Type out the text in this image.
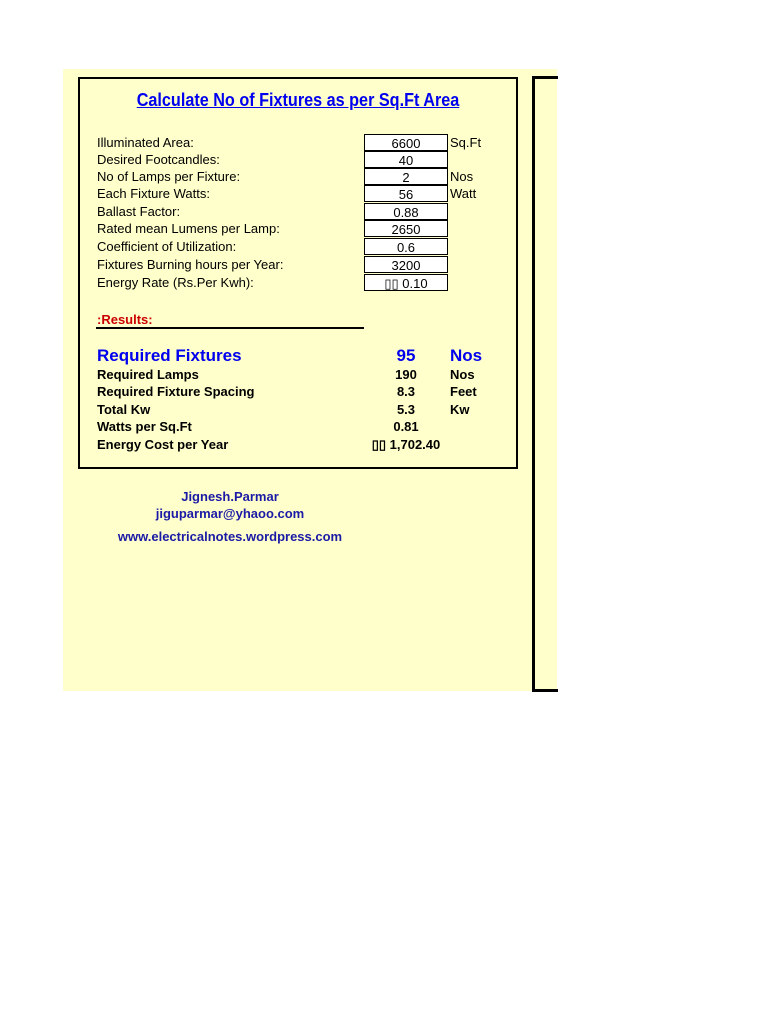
Calculate No of Fixtures as per Sq.Ft Area
Illuminated Area:	6600	Sq.Ft
Desired Footcandles:	40
No of Lamps per Fixture:	2	Nos
Each Fixture Watts:	56	Watt
Ballast Factor:	0.88
Rated mean Lumens per Lamp:	2650
Coefficient of Utilization:	0.6
Fixtures Burning hours per Year:	3200
Energy Rate (Rs.Per Kwh):	▯▯ 0.10
:Results:
Required Fixtures	95	Nos
Required Lamps	190	Nos
Required Fixture Spacing	8.3	Feet
Total Kw	5.3	Kw
Watts per Sq.Ft	0.81
Energy Cost per Year	▯▯ 1,702.40
Jignesh.Parmar
jiguparmar@yhaoo.com
www.electricalnotes.wordpress.com
